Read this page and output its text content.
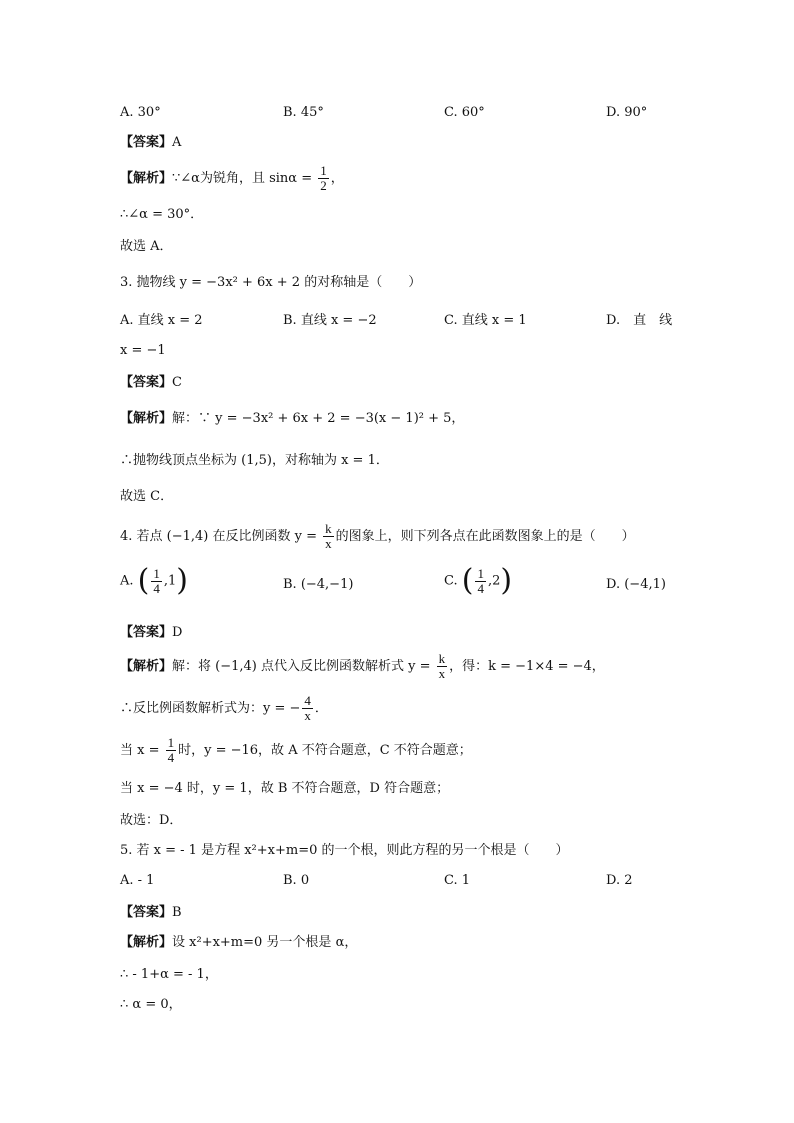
A. 30°	B. 45°	C. 60°	D. 90°
【答案】A
【解析】∵∠α为锐角，且 $\sin\alpha = \frac{1}{2}$ ，
∴∠α = 30°．
故选 A．
3. 抛物线 y = −3x² + 6x + 2 的对称轴是（　　）
A. 直线 x = 2	B. 直线 x = −2	C. 直线 x = 1	D.　直　线
x = −1
【答案】C
【解析】解：∵ y = −3x² + 6x + 2 = −3(x − 1)² + 5，
∴抛物线顶点坐标为 (1,5)，对称轴为 x = 1．
故选 C．
4. 若点 (−1,4) 在反比例函数 $y = \frac{k}{x}$ 的图象上，则下列各点在此函数图象上的是（　　）
A. ( $\frac{1}{4} ,1$)	B. (−4,−1)	C. ( $\frac{1}{4} ,2$)	D. (−4,1)
【答案】D
【解析】解：将 (−1,4) 点代入反比例函数解析式 $y = \frac{k}{x}$ ，得：k = −1×4 = −4，
∴反比例函数解析式为：y = − $\frac{4}{x}$ ．
当 $x = \frac{1}{4}$ 时，y = −16，故 A 不符合题意，C 不符合题意；
当 x = −4 时，y = 1，故 B 不符合题意，D 符合题意；
故选：D．
5. 若 x = - 1 是方程 x²+x+m=0 的一个根，则此方程的另一个根是（　　）
A. - 1	B. 0	C. 1	D. 2
【答案】B
【解析】设 x²+x+m=0 另一个根是 α，
∴ - 1+α = - 1，
∴ α = 0，
